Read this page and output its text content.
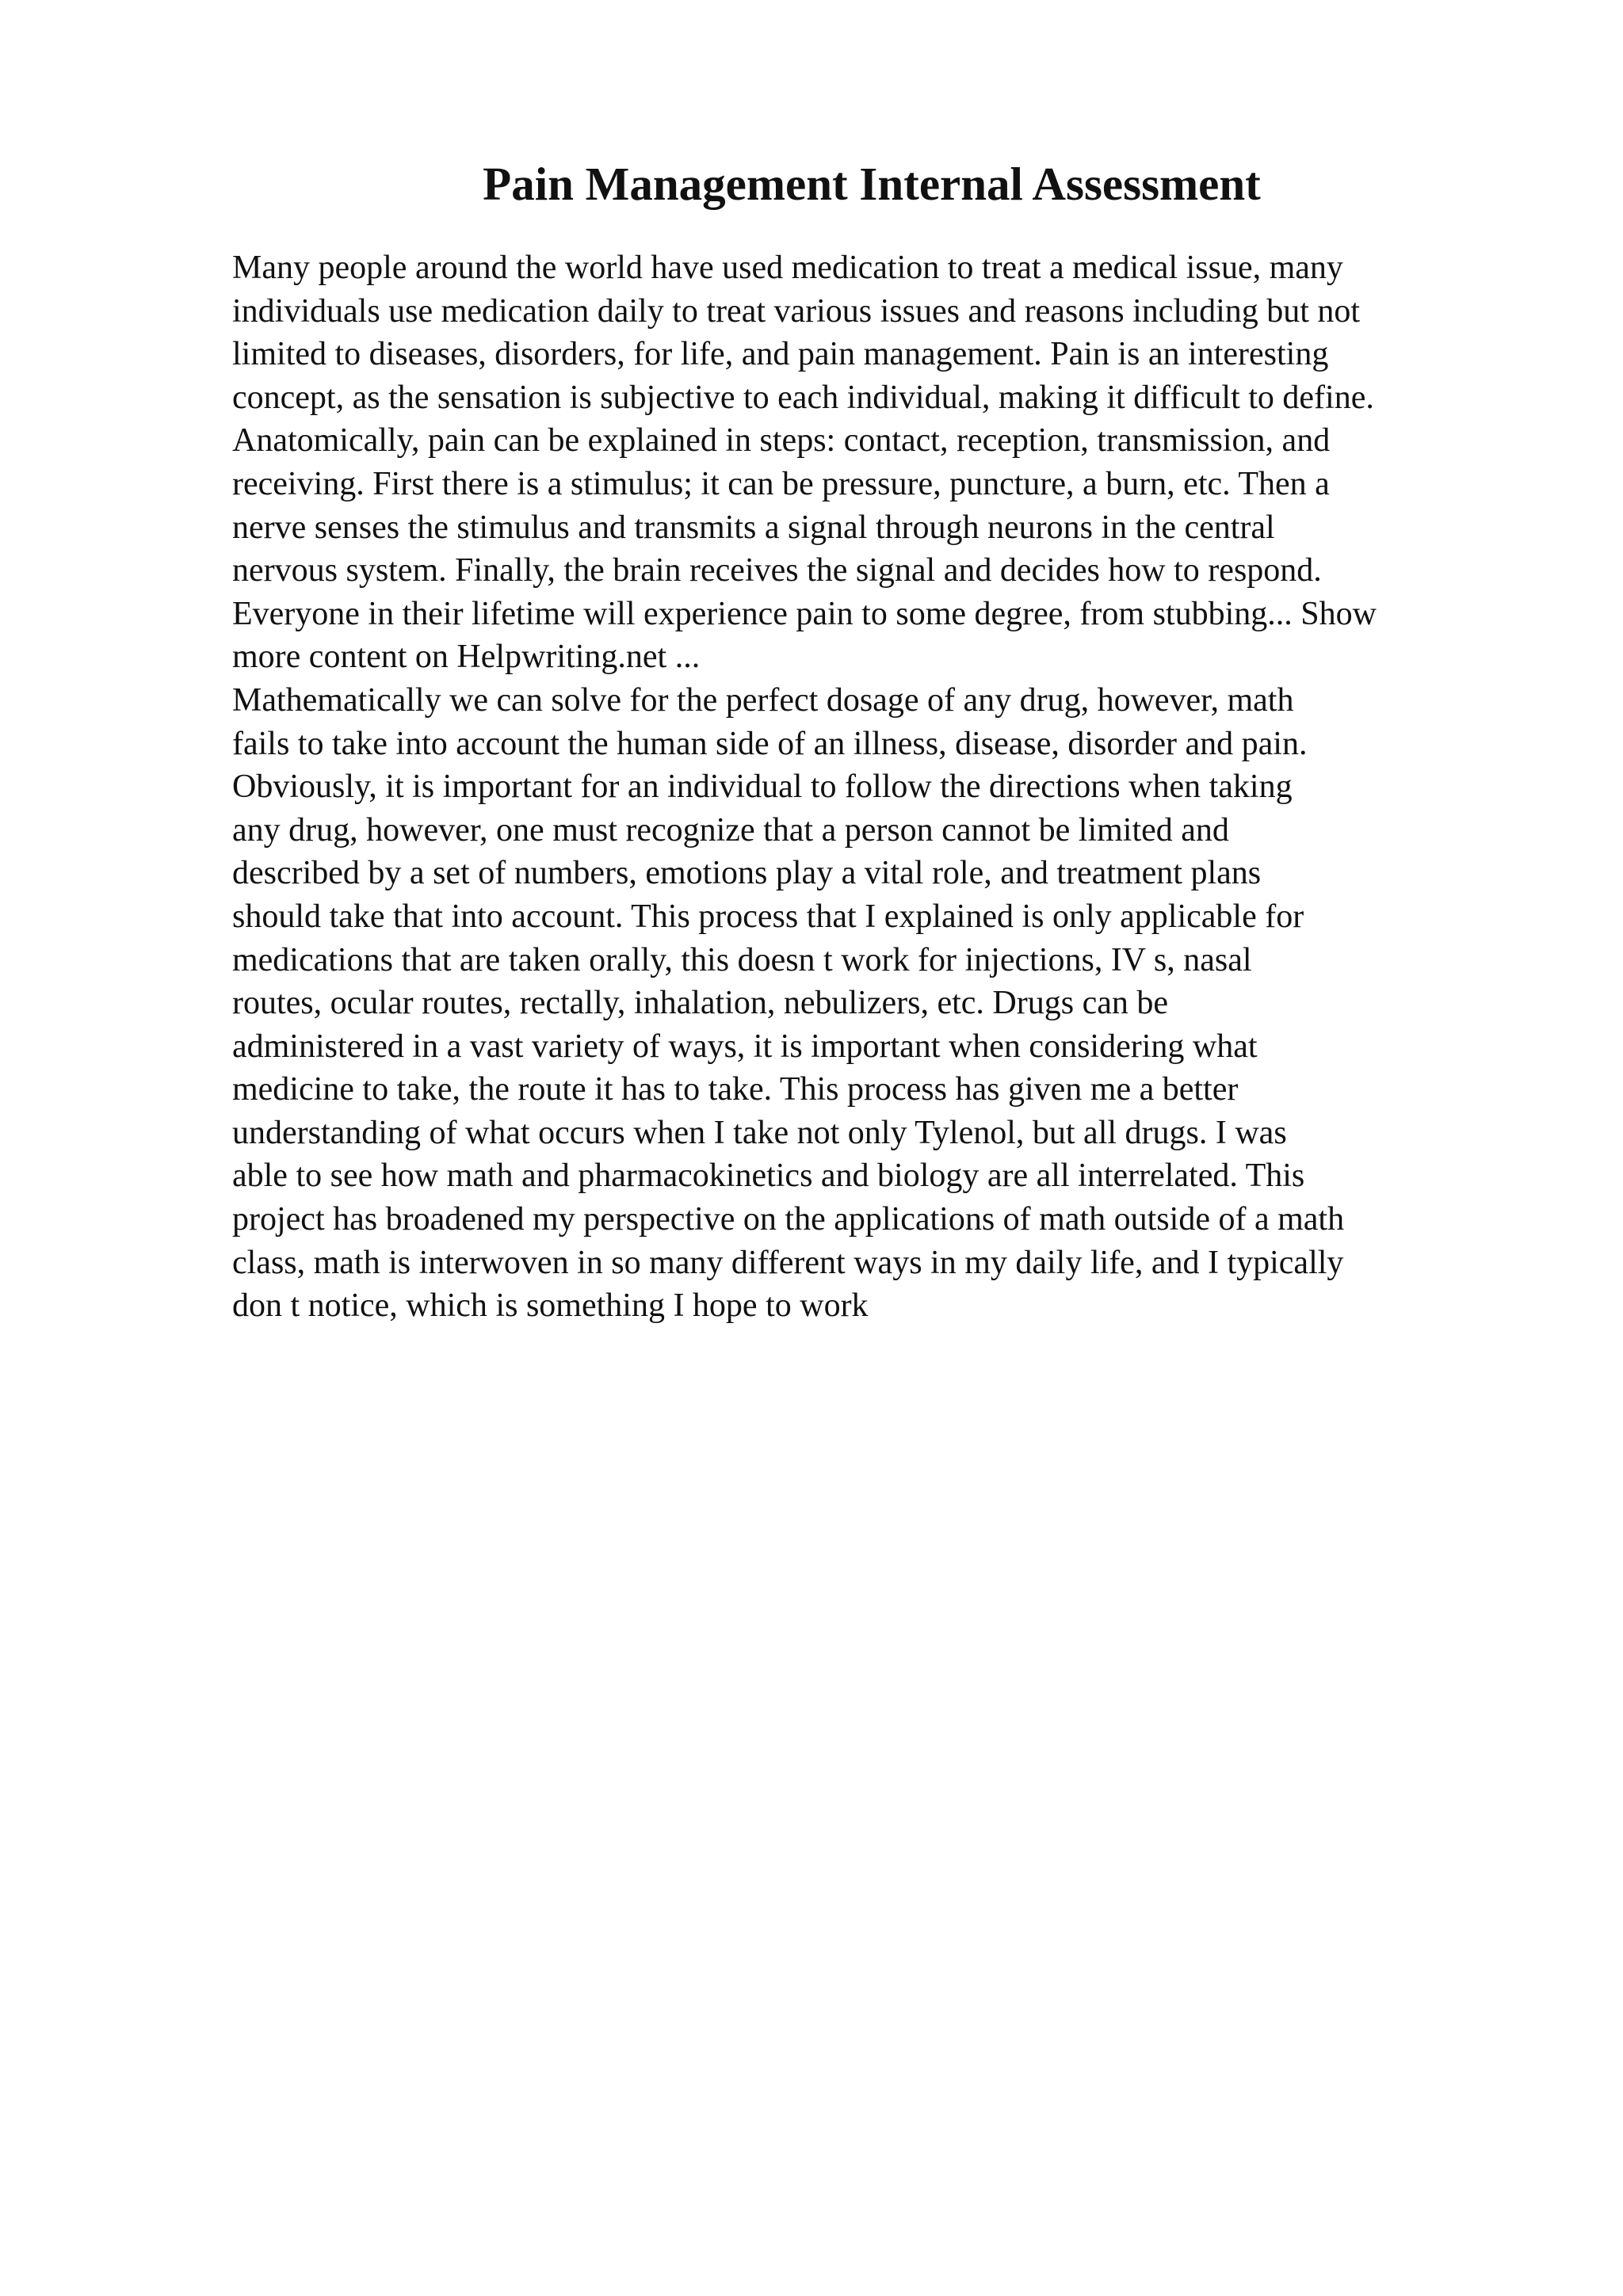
Pain Management Internal Assessment
Many people around the world have used medication to treat a medical issue, many
individuals use medication daily to treat various issues and reasons including but not
limited to diseases, disorders, for life, and pain management. Pain is an interesting
concept, as the sensation is subjective to each individual, making it difficult to define.
Anatomically, pain can be explained in steps: contact, reception, transmission, and
receiving. First there is a stimulus; it can be pressure, puncture, a burn, etc. Then a
nerve senses the stimulus and transmits a signal through neurons in the central
nervous system. Finally, the brain receives the signal and decides how to respond.
Everyone in their lifetime will experience pain to some degree, from stubbing... Show
more content on Helpwriting.net ...
Mathematically we can solve for the perfect dosage of any drug, however, math
fails to take into account the human side of an illness, disease, disorder and pain.
Obviously, it is important for an individual to follow the directions when taking
any drug, however, one must recognize that a person cannot be limited and
described by a set of numbers, emotions play a vital role, and treatment plans
should take that into account. This process that I explained is only applicable for
medications that are taken orally, this doesn t work for injections, IV s, nasal
routes, ocular routes, rectally, inhalation, nebulizers, etc. Drugs can be
administered in a vast variety of ways, it is important when considering what
medicine to take, the route it has to take. This process has given me a better
understanding of what occurs when I take not only Tylenol, but all drugs. I was
able to see how math and pharmacokinetics and biology are all interrelated. This
project has broadened my perspective on the applications of math outside of a math
class, math is interwoven in so many different ways in my daily life, and I typically
don t notice, which is something I hope to work
